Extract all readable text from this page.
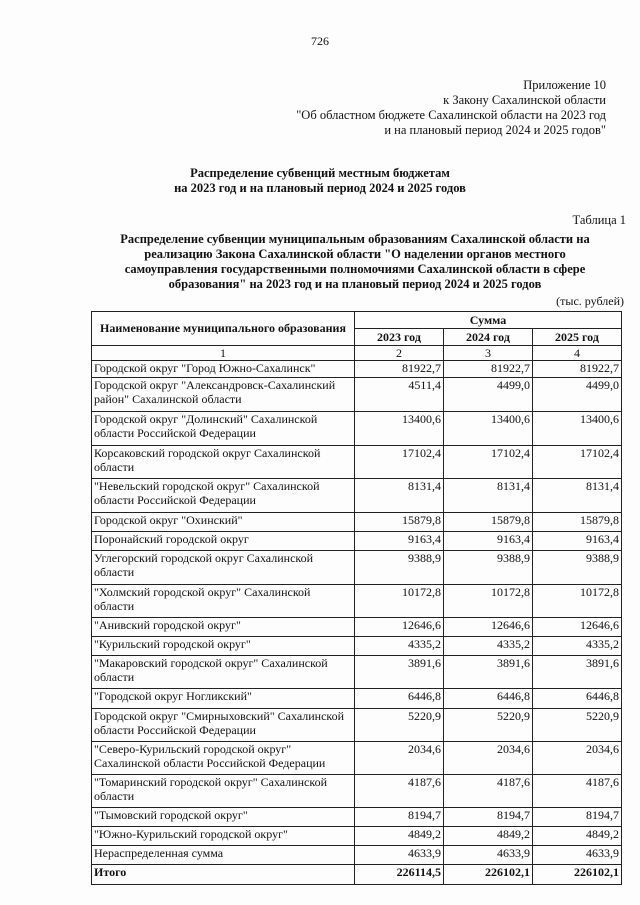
726
Приложение 10
к Закону Сахалинской области
"Об областном бюджете Сахалинской области на 2023 год
и на плановый период 2024 и 2025 годов"
Распределение субвенций местным бюджетам
на 2023 год и на плановый период 2024 и 2025 годов
Таблица 1
Распределение субвенции муниципальным образованиям Сахалинской области на
реализацию Закона Сахалинской области "О наделении органов местного
самоуправления государственными полномочиями Сахалинской области в сфере
образования" на 2023 год и на плановый период 2024 и 2025 годов
(тыс. рублей)
Наименование муниципального образования	Сумма		
	2023 год	2024 год	2025 год
1	2	3	4
Городской округ "Город Южно-Сахалинск"	81922,7	81922,7	81922,7
Городской округ "Александровск-Сахалинский район" Сахалинской области	4511,4	4499,0	4499,0
Городской округ "Долинский" Сахалинской области Российской Федерации	13400,6	13400,6	13400,6
Корсаковский городской округ Сахалинской области	17102,4	17102,4	17102,4
"Невельский городской округ" Сахалинской области Российской Федерации	8131,4	8131,4	8131,4
Городской округ "Охинский"	15879,8	15879,8	15879,8
Поронайский городской округ	9163,4	9163,4	9163,4
Углегорский городской округ Сахалинской области	9388,9	9388,9	9388,9
"Холмский городской округ" Сахалинской области	10172,8	10172,8	10172,8
"Анивский городской округ"	12646,6	12646,6	12646,6
"Курильский городской округ"	4335,2	4335,2	4335,2
"Макаровский городской округ" Сахалинской области	3891,6	3891,6	3891,6
"Городской округ Ногликский"	6446,8	6446,8	6446,8
Городской округ "Смирныховский" Сахалинской области Российской Федерации	5220,9	5220,9	5220,9
"Северо-Курильский городской округ" Сахалинской области Российской Федерации	2034,6	2034,6	2034,6
"Томаринский городской округ" Сахалинской области	4187,6	4187,6	4187,6
"Тымовский городской округ"	8194,7	8194,7	8194,7
"Южно-Курильский городской округ"	4849,2	4849,2	4849,2
Нераспределенная сумма	4633,9	4633,9	4633,9
Итого	226114,5	226102,1	226102,1
